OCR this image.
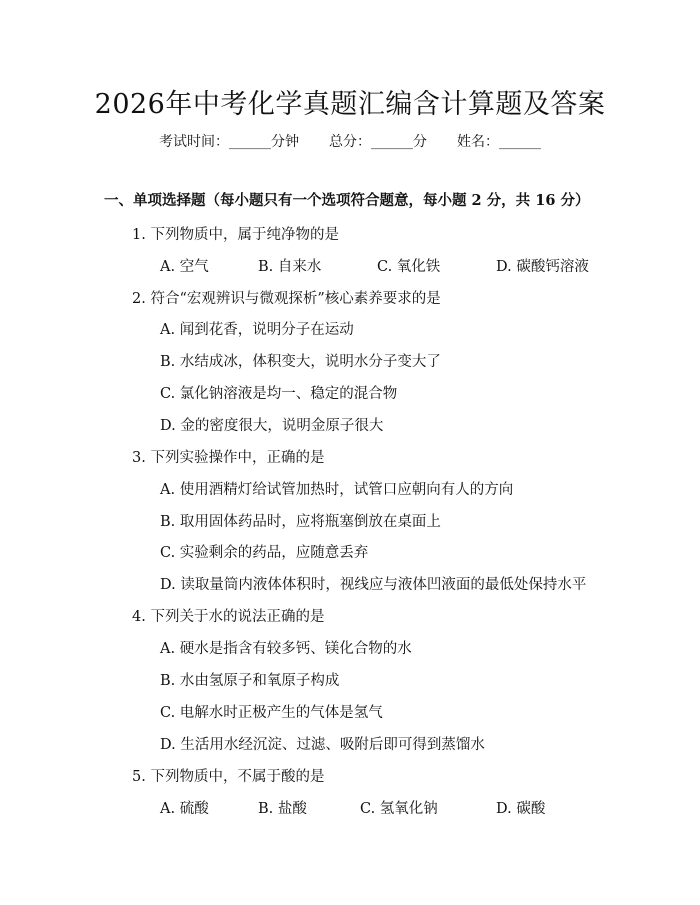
2026年中考化学真题汇编含计算题及答案
考试时间：______分钟 总分：______分 姓名：______
一、单项选择题（每小题只有一个选项符合题意，每小题 2 分，共 16 分）
1. 下列物质中，属于纯净物的是
A. 空气	B. 自来水	C. 氧化铁	D. 碳酸钙溶液
2. 符合“宏观辨识与微观探析”核心素养要求的是
A. 闻到花香，说明分子在运动
B. 水结成冰，体积变大，说明水分子变大了
C. 氯化钠溶液是均一、稳定的混合物
D. 金的密度很大，说明金原子很大
3. 下列实验操作中，正确的是
A. 使用酒精灯给试管加热时，试管口应朝向有人的方向
B. 取用固体药品时，应将瓶塞倒放在桌面上
C. 实验剩余的药品，应随意丢弃
D. 读取量筒内液体体积时，视线应与液体凹液面的最低处保持水平
4. 下列关于水的说法正确的是
A. 硬水是指含有较多钙、镁化合物的水
B. 水由氢原子和氧原子构成
C. 电解水时正极产生的气体是氢气
D. 生活用水经沉淀、过滤、吸附后即可得到蒸馏水
5. 下列物质中，不属于酸的是
A. 硫酸	B. 盐酸	C. 氢氧化钠	D. 碳酸
